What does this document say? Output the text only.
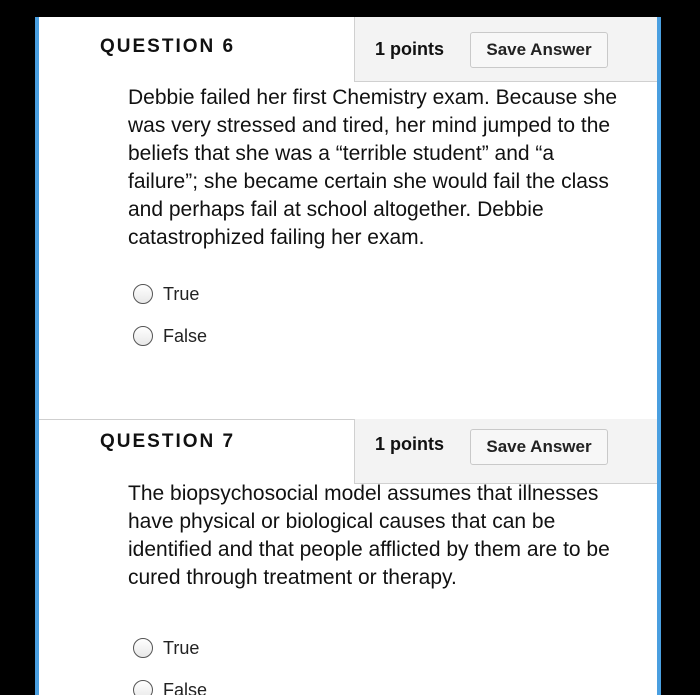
QUESTION 6	1 points	Save Answer

Debbie failed her first Chemistry exam. Because she was very stressed and tired, her mind jumped to the beliefs that she was a “terrible student” and “a failure”; she became certain she would fail the class and perhaps fail at school altogether. Debbie catastrophized failing her exam.

True
False
QUESTION 7	1 points	Save Answer

The biopsychosocial model assumes that illnesses have physical or biological causes that can be identified and that people afflicted by them are to be cured through treatment or therapy.

True
False
